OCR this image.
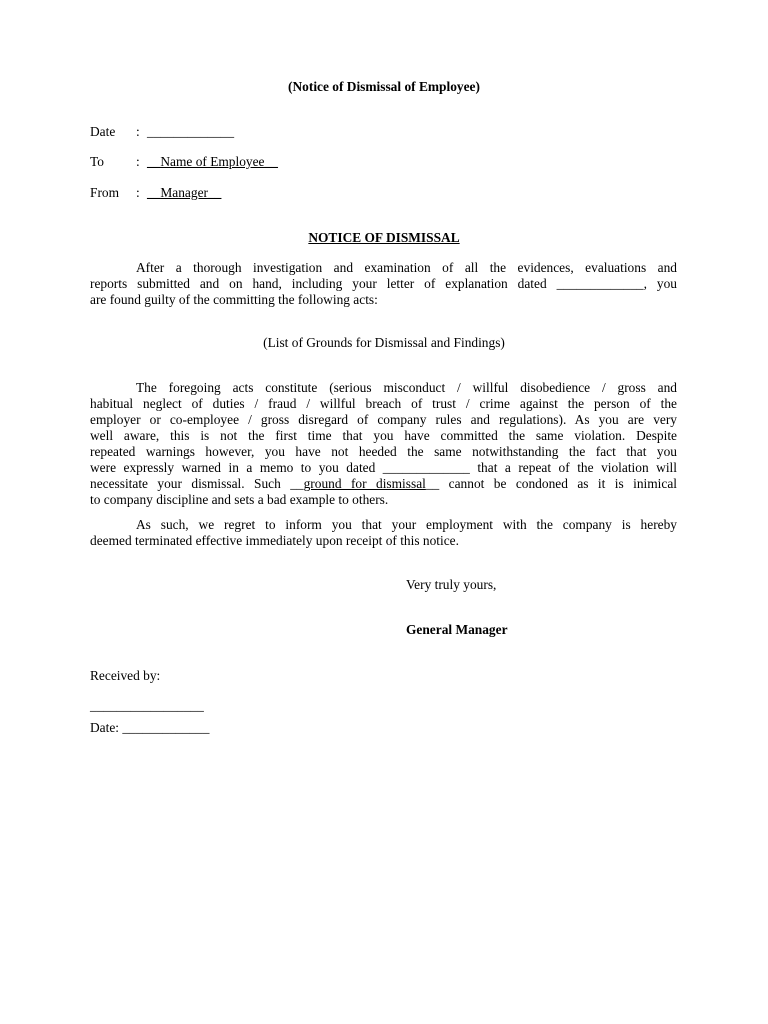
(Notice of Dismissal of Employee)
Date : _____________
To : __Name of Employee__
From : __Manager__
NOTICE OF DISMISSAL
After a thorough investigation and examination of all the evidences, evaluations and
reports submitted and on hand, including your letter of explanation dated _____________, you
are found guilty of the committing the following acts:
(List of Grounds for Dismissal and Findings)
The foregoing acts constitute (serious misconduct / willful disobedience / gross and
habitual neglect of duties / fraud / willful breach of trust / crime against the person of the
employer or co-employee / gross disregard of company rules and regulations). As you are very
well aware, this is not the first time that you have committed the same violation. Despite
repeated warnings however, you have not heeded the same notwithstanding the fact that you
were expressly warned in a memo to you dated _____________ that a repeat of the violation will
necessitate your dismissal. Such __ground for dismissal__ cannot be condoned as it is inimical
to company discipline and sets a bad example to others.
As such, we regret to inform you that your employment with the company is hereby
deemed terminated effective immediately upon receipt of this notice.
Very truly yours,
General Manager
Received by:
_________________
Date: _____________
